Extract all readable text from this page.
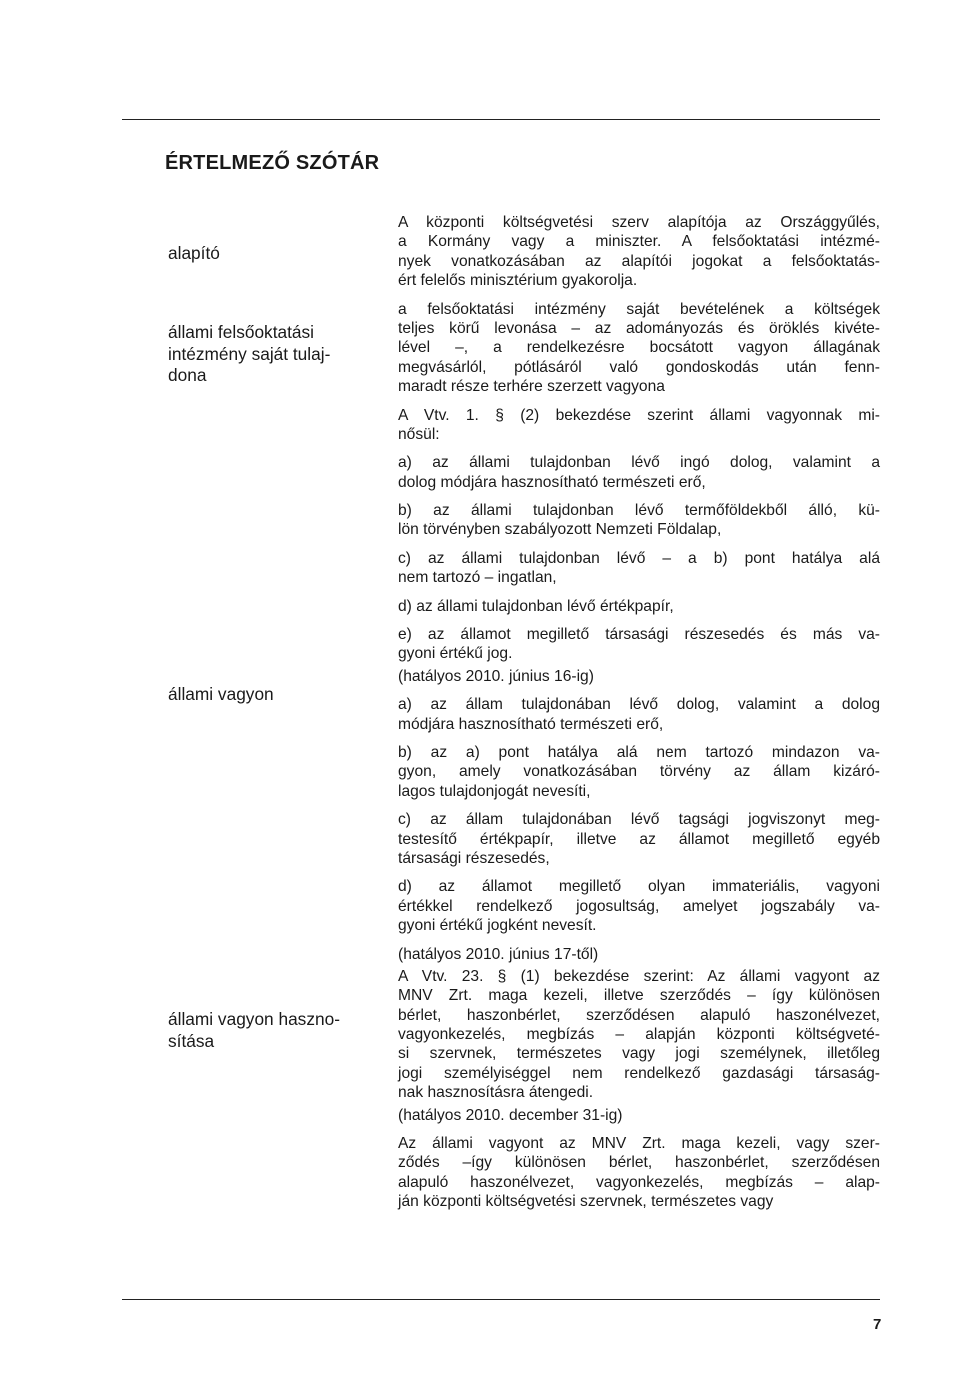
ÉRTELMEZŐ SZÓTÁR
alapító
állami felsőoktatási
intézmény saját tulaj-
dona
állami vagyon
állami vagyon haszno-
sítása
A központi költségvetési szerv alapítója az Országgyűlés,
a Kormány vagy a miniszter. A felsőoktatási intézmé-
nyek vonatkozásában az alapítói jogokat a felsőoktatás-
ért felelős minisztérium gyakorolja.
a felsőoktatási intézmény saját bevételének a költségek
teljes körű levonása – az adományozás és öröklés kivéte-
lével –, a rendelkezésre bocsátott vagyon állagának
megvásárlól, pótlásáról való gondoskodás után fenn-
maradt része terhére szerzett vagyona
A Vtv. 1. § (2) bekezdése szerint állami vagyonnak mi-
nősül:
a) az állami tulajdonban lévő ingó dolog, valamint a
dolog módjára hasznosítható természeti erő,
b) az állami tulajdonban lévő termőföldekből álló, kü-
lön törvényben szabályozott Nemzeti Földalap,
c) az állami tulajdonban lévő – a b) pont hatálya alá
nem tartozó – ingatlan,
d) az állami tulajdonban lévő értékpapír,
e) az államot megillető társasági részesedés és más va-
gyoni értékű jog.
(hatályos 2010. június 16-ig)
a) az állam tulajdonában lévő dolog, valamint a dolog
módjára hasznosítható természeti erő,
b) az a) pont hatálya alá nem tartozó mindazon va-
gyon, amely vonatkozásában törvény az állam kizáró-
lagos tulajdonjogát nevesíti,
c) az állam tulajdonában lévő tagsági jogviszonyt meg-
testesítő értékpapír, illetve az államot megillető egyéb
társasági részesedés,
d) az államot megillető olyan immateriális, vagyoni
értékkel rendelkező jogosultság, amelyet jogszabály va-
gyoni értékű jogként nevesít.
(hatályos 2010. június 17-től)
A Vtv. 23. § (1) bekezdése szerint: Az állami vagyont az
MNV Zrt. maga kezeli, illetve szerződés – így különösen
bérlet, haszonbérlet, szerződésen alapuló haszonélvezet,
vagyonkezelés, megbízás – alapján központi költségveté-
si szervnek, természetes vagy jogi személynek, illetőleg
jogi személyiséggel nem rendelkező gazdasági társaság-
nak hasznosításra átengedi.
(hatályos 2010. december 31-ig)
Az állami vagyont az MNV Zrt. maga kezeli, vagy szer-
ződés –így különösen bérlet, haszonbérlet, szerződésen
alapuló haszonélvezet, vagyonkezelés, megbízás – alap-
ján központi költségvetési szervnek, természetes vagy
7
